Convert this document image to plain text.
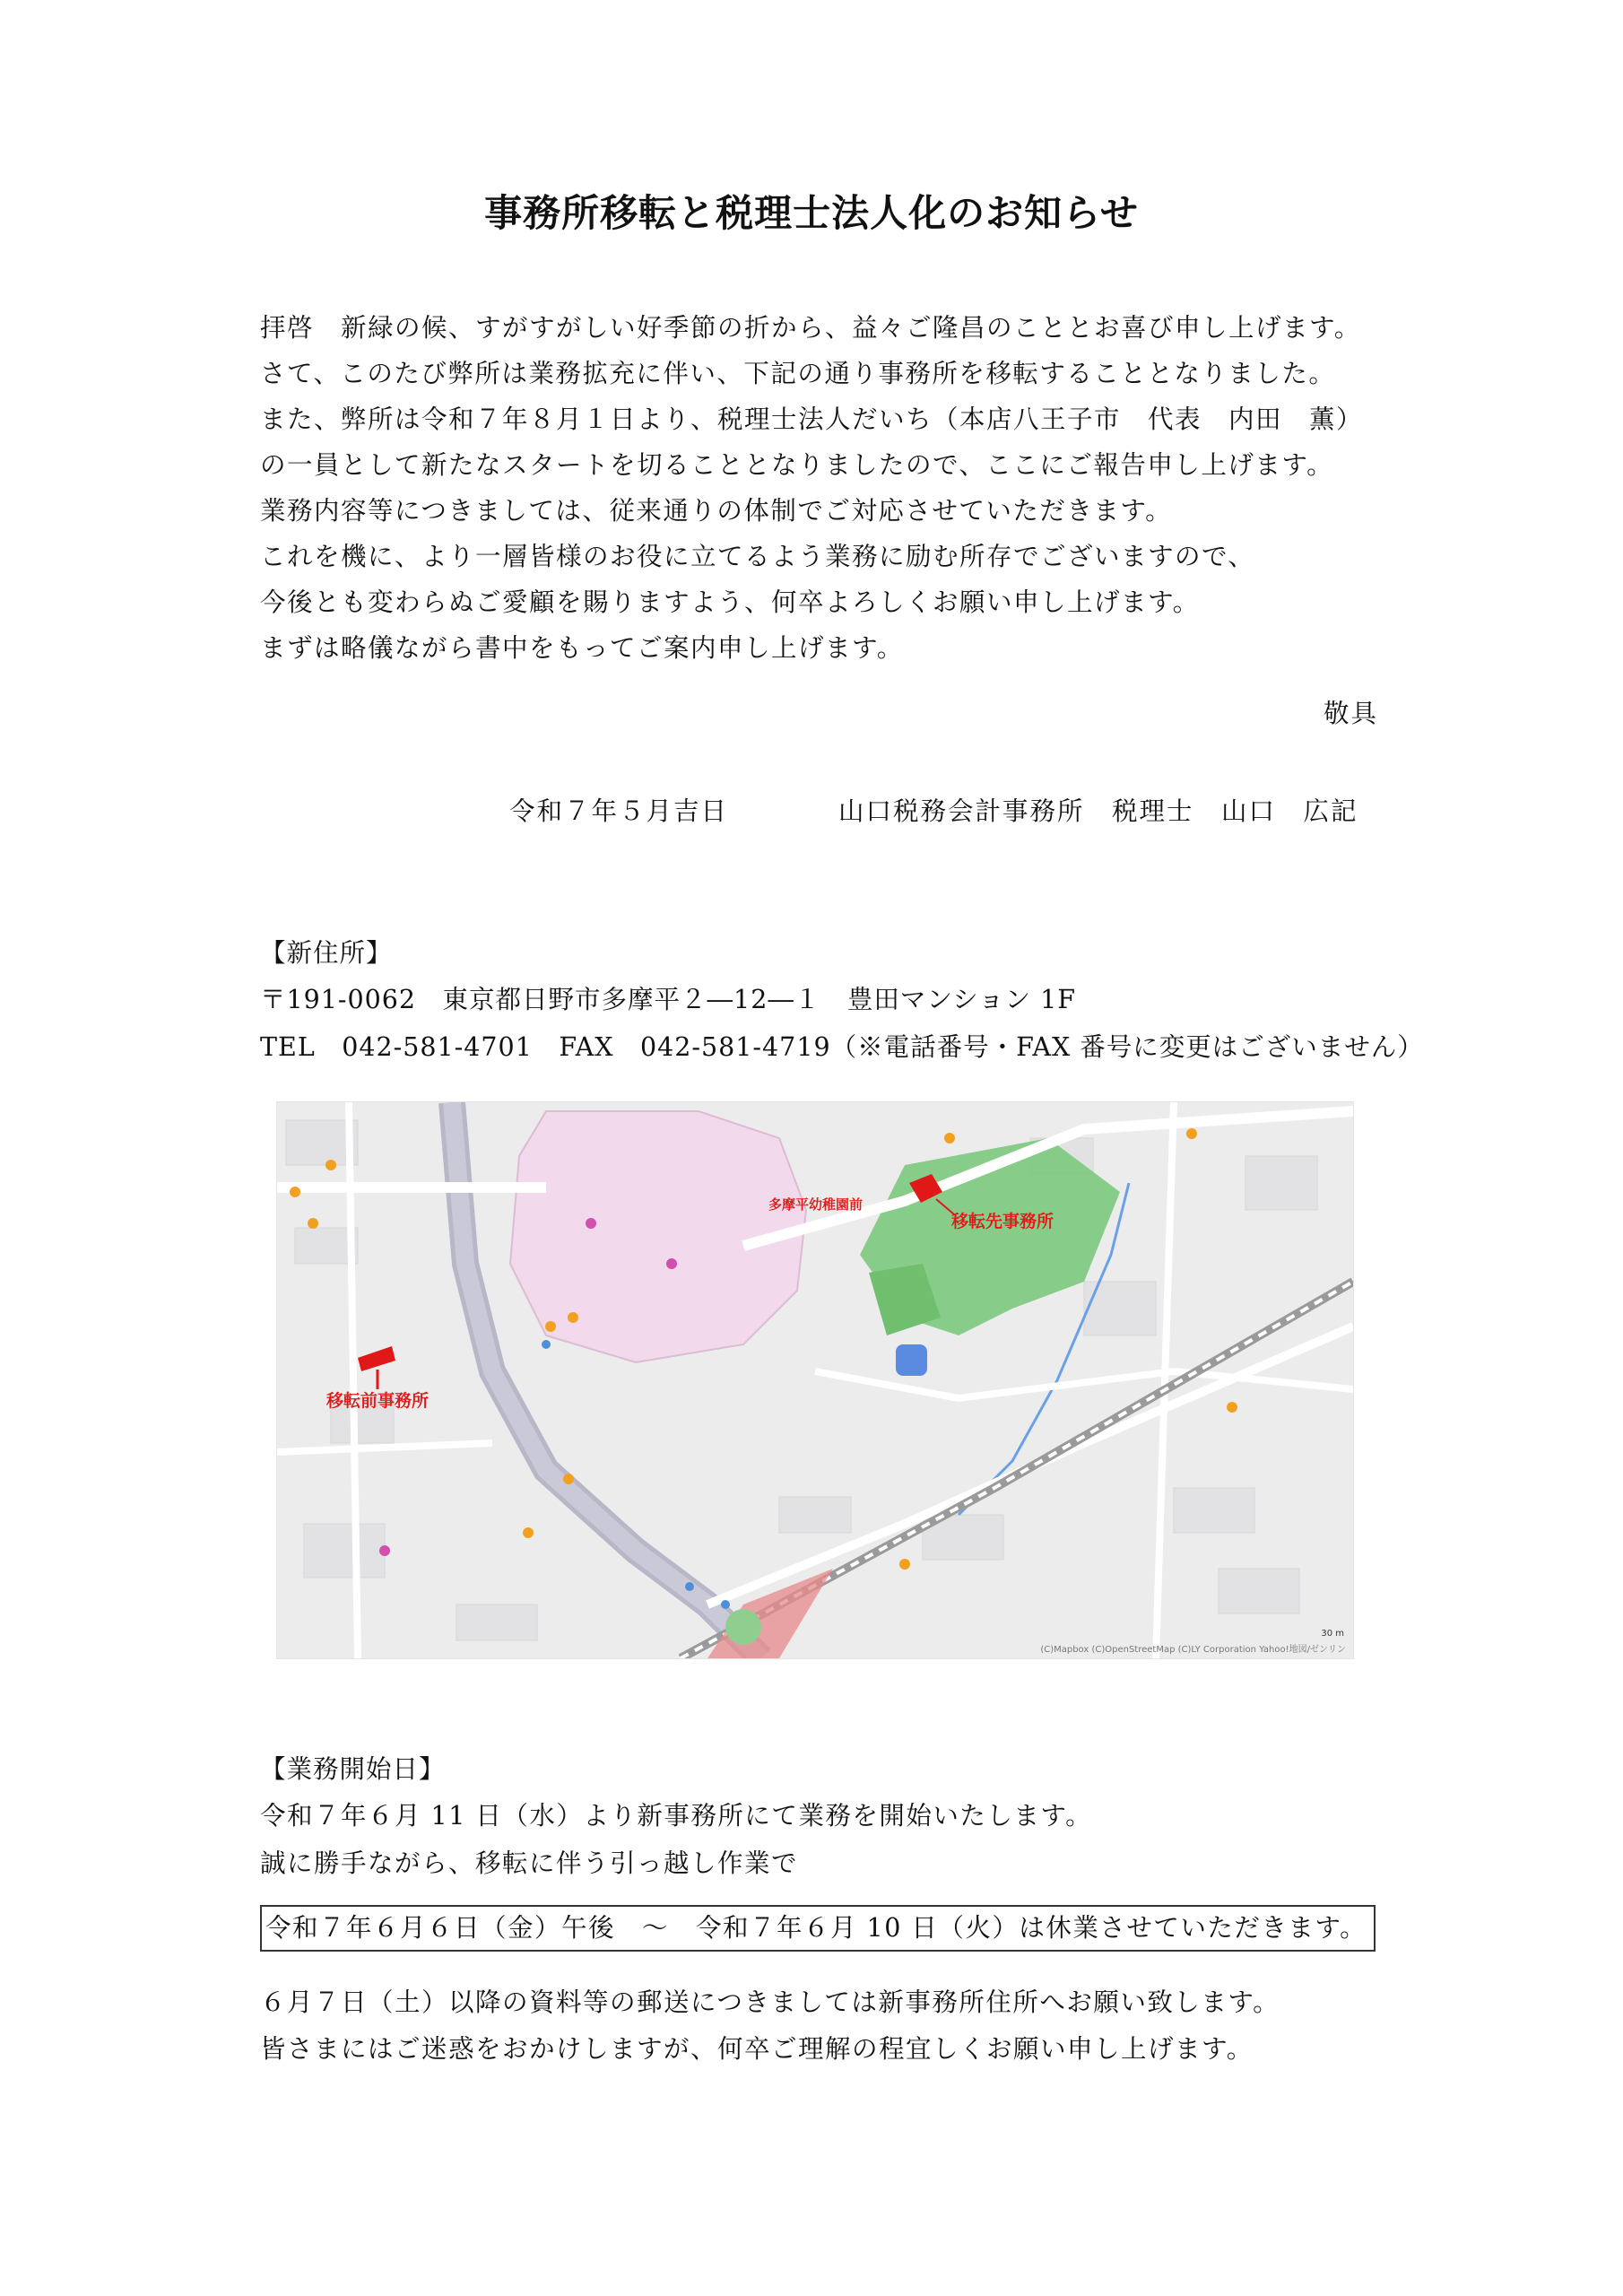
事務所移転と税理士法人化のお知らせ
拝啓　新緑の候、すがすがしい好季節の折から、益々ご隆昌のこととお喜び申し上げます。
さて、このたび弊所は業務拡充に伴い、下記の通り事務所を移転することとなりました。
また、弊所は令和７年８月１日より、税理士法人だいち（本店八王子市　代表　内田　薫）
の一員として新たなスタートを切ることとなりましたので、ここにご報告申し上げます。
業務内容等につきましては、従来通りの体制でご対応させていただきます。
これを機に、より一層皆様のお役に立てるよう業務に励む所存でございますので、
今後とも変わらぬご愛顧を賜りますよう、何卒よろしくお願い申し上げます。
まずは略儀ながら書中をもってご案内申し上げます。
敬具
令和７年５月吉日	山口税務会計事務所　税理士　山口　広記
【新住所】
〒191-0062　東京都日野市多摩平２―12―１　豊田マンション 1F
TEL　042-581-4701　FAX　042-581-4719（※電話番号・FAX 番号に変更はございません）
多摩平幼稚園前
移転先事務所
移転前事務所
30 m
(C)Mapbox (C)OpenStreetMap (C)LY Corporation Yahoo!地図/ゼンリン
【業務開始日】
令和７年６月 11 日（水）より新事務所にて業務を開始いたします。
誠に勝手ながら、移転に伴う引っ越し作業で
令和７年６月６日（金）午後　～　令和７年６月 10 日（火）は休業させていただきます。
６月７日（土）以降の資料等の郵送につきましては新事務所住所へお願い致します。
皆さまにはご迷惑をおかけしますが、何卒ご理解の程宜しくお願い申し上げます。
